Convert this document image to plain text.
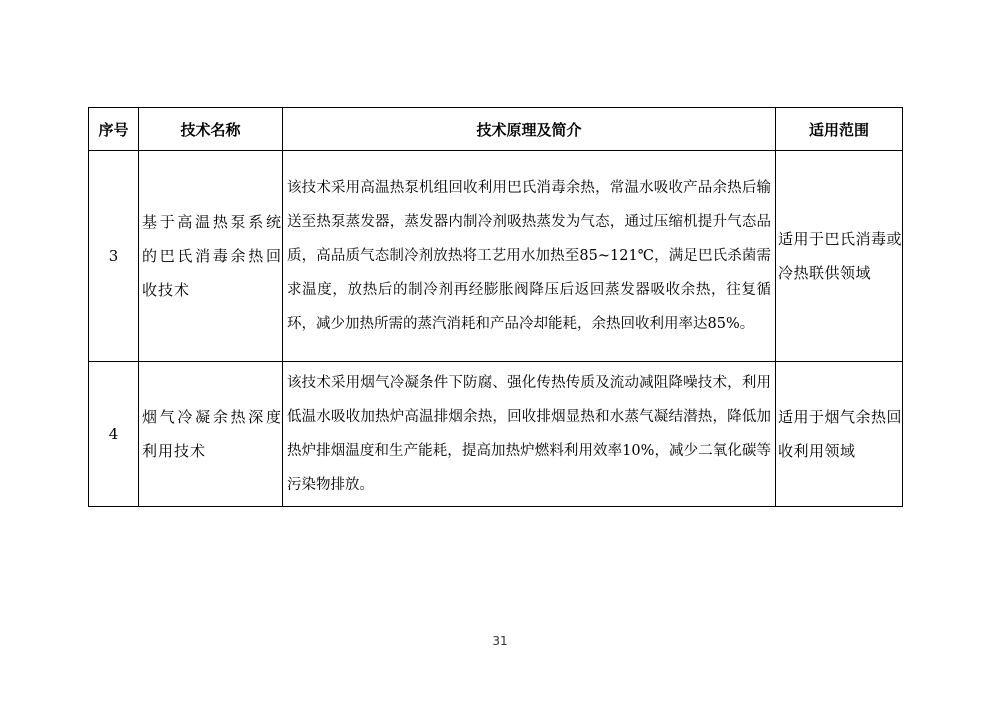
序号	技术名称	技术原理及简介	适用范围
3	基于高温热泵系统的巴氏消毒余热回收技术	该技术采用高温热泵机组回收利用巴氏消毒余热，常温水吸收产品余热后输送至热泵蒸发器，蒸发器内制冷剂吸热蒸发为气态，通过压缩机提升气态品质，高品质气态制冷剂放热将工艺用水加热至85~121℃，满足巴氏杀菌需求温度，放热后的制冷剂再经膨胀阀降压后返回蒸发器吸收余热，往复循环，减少加热所需的蒸汽消耗和产品冷却能耗，余热回收利用率达85%。	适用于巴氏消毒或冷热联供领域
4	烟气冷凝余热深度利用技术	该技术采用烟气冷凝条件下防腐、强化传热传质及流动减阻降噪技术，利用低温水吸收加热炉高温排烟余热，回收排烟显热和水蒸气凝结潜热，降低加热炉排烟温度和生产能耗，提高加热炉燃料利用效率10%，减少二氧化碳等污染物排放。	适用于烟气余热回收利用领域
31
